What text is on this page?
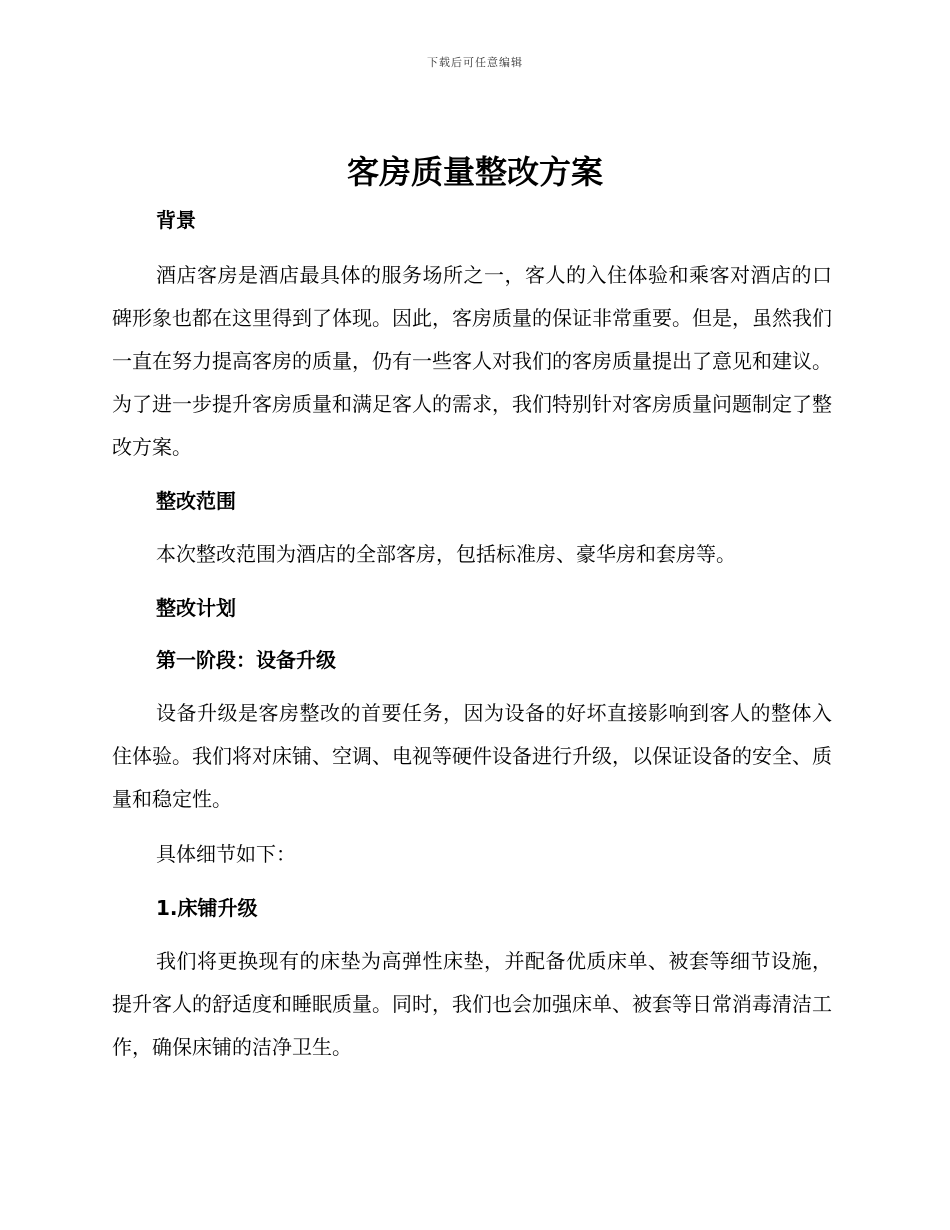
下载后可任意编辑
客房质量整改方案
背景

酒店客房是酒店最具体的服务场所之一，客人的入住体验和乘客对酒店的口碑形象也都在这里得到了体现。因此，客房质量的保证非常重要。但是，虽然我们一直在努力提高客房的质量，仍有一些客人对我们的客房质量提出了意见和建议。为了进一步提升客房质量和满足客人的需求，我们特别针对客房质量问题制定了整改方案。

整改范围

本次整改范围为酒店的全部客房，包括标准房、豪华房和套房等。

整改计划
第一阶段：设备升级

设备升级是客房整改的首要任务，因为设备的好坏直接影响到客人的整体入住体验。我们将对床铺、空调、电视等硬件设备进行升级，以保证设备的安全、质量和稳定性。

具体细节如下：

1.床铺升级

我们将更换现有的床垫为高弹性床垫，并配备优质床单、被套等细节设施，提升客人的舒适度和睡眠质量。同时，我们也会加强床单、被套等日常消毒清洁工作，确保床铺的洁净卫生。
